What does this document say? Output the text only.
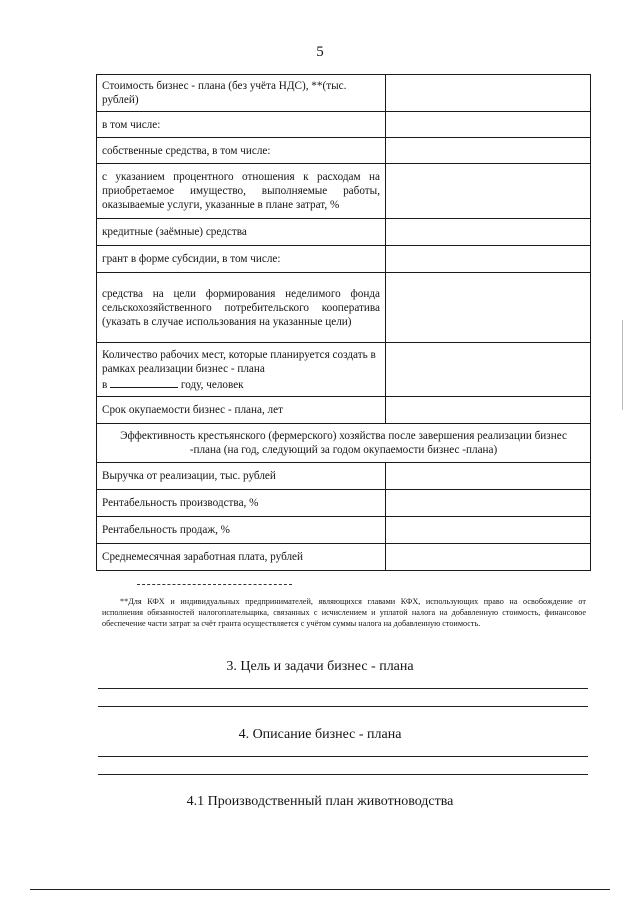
5
Стоимость бизнес - плана (без учёта НДС), **(тыс. рублей)	
в том числе:	
собственные средства, в том числе:	
с указанием процентного отношения к расходам на приобретаемое имущество, выполняемые работы, оказываемые услуги, указанные в плане затрат, %	
кредитные (заёмные) средства	
грант в форме субсидии, в том числе:	
средства на цели формирования неделимого фонда сельскохозяйственного потребительского кооператива (указать в случае использования на указанные цели)	
Количество рабочих мест, которые планируется создать в рамках реализации бизнес - плана
в году, человек	
Срок окупаемости бизнес - плана, лет	
Эффективность крестьянского (фермерского) хозяйства после завершения реализации бизнес -плана (на год, следующий за годом окупаемости бизнес -плана)	
Выручка от реализации, тыс. рублей	
Рентабельность производства, %	
Рентабельность продаж, %	
Среднемесячная заработная плата, рублей	
**Для КФХ и индивидуальных предпринимателей, являющихся главами КФХ, использующих право на освобождение от исполнения обязанностей налогоплательщика, связанных с исчислением и уплатой налога на добавленную стоимость, финансовое обеспечение части затрат за счёт гранта осуществляется с учётом суммы налога на добавленную стоимость.
3. Цель и задачи бизнес - плана
4. Описание бизнес - плана
4.1 Производственный план животноводства
